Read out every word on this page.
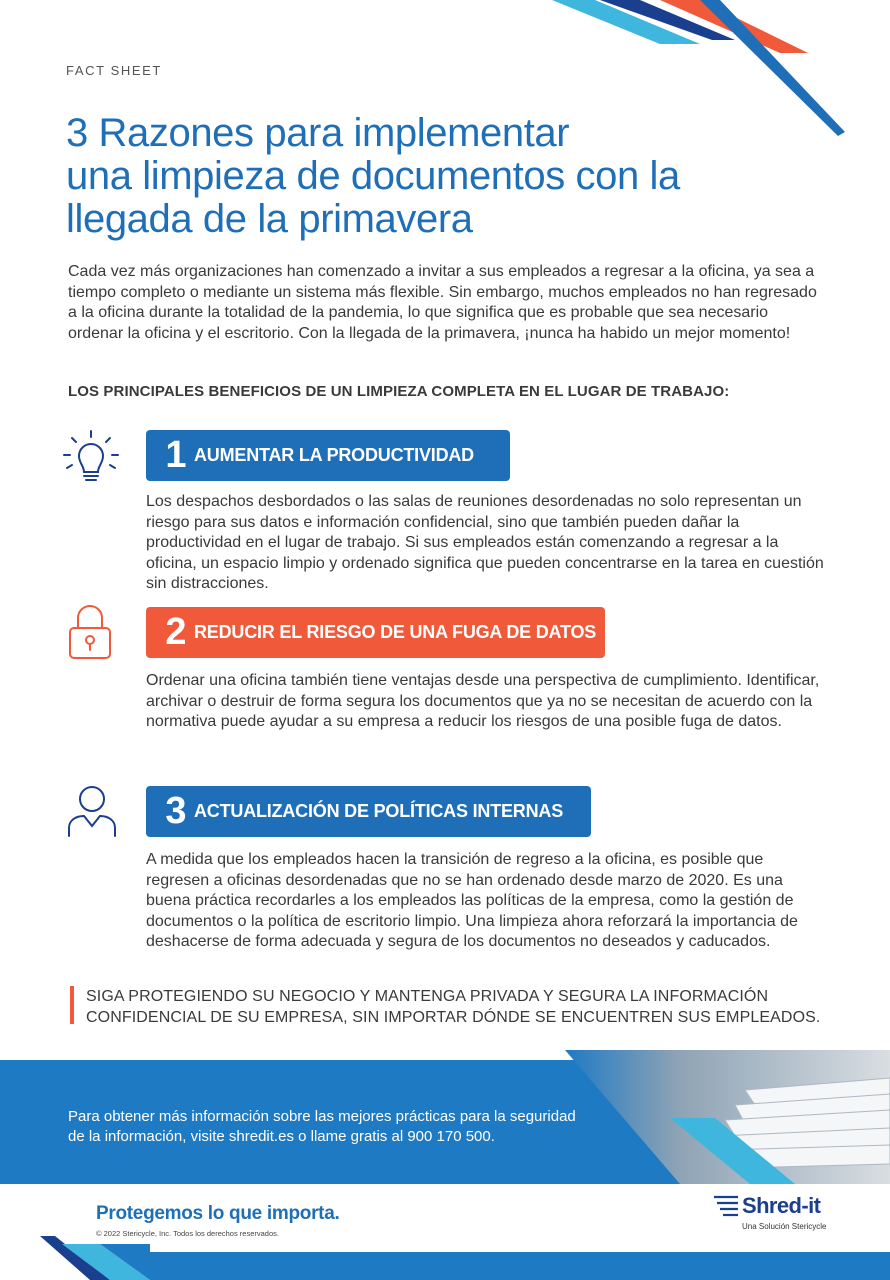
FACT SHEET
3 Razones para implementar
una limpieza de documentos con la
llegada de la primavera

Cada vez más organizaciones han comenzado a invitar a sus empleados a regresar a la oficina, ya sea a tiempo completo o mediante un sistema más flexible. Sin embargo, muchos empleados no han regresado a la oficina durante la totalidad de la pandemia, lo que significa que es probable que sea necesario ordenar la oficina y el escritorio. Con la llegada de la primavera, ¡nunca ha habido un mejor momento!

LOS PRINCIPALES BENEFICIOS DE UN LIMPIEZA COMPLETA EN EL LUGAR DE TRABAJO:
1 AUMENTAR LA PRODUCTIVIDAD

Los despachos desbordados o las salas de reuniones desordenadas no solo representan un riesgo para sus datos e información confidencial, sino que también pueden dañar la productividad en el lugar de trabajo. Si sus empleados están comenzando a regresar a la oficina, un espacio limpio y ordenado significa que pueden concentrarse en la tarea en cuestión sin distracciones.

2 REDUCIR EL RIESGO DE UNA FUGA DE DATOS

Ordenar una oficina también tiene ventajas desde una perspectiva de cumplimiento. Identificar, archivar o destruir de forma segura los documentos que ya no se necesitan de acuerdo con la normativa puede ayudar a su empresa a reducir los riesgos de una posible fuga de datos.

3 ACTUALIZACIÓN DE POLÍTICAS INTERNAS

A medida que los empleados hacen la transición de regreso a la oficina, es posible que regresen a oficinas desordenadas que no se han ordenado desde marzo de 2020. Es una buena práctica recordarles a los empleados las políticas de la empresa, como la gestión de documentos o la política de escritorio limpio. Una limpieza ahora reforzará la importancia de deshacerse de forma adecuada y segura de los documentos no deseados y caducados.

SIGA PROTEGIENDO SU NEGOCIO Y MANTENGA PRIVADA Y SEGURA LA INFORMACIÓN CONFIDENCIAL DE SU EMPRESA, SIN IMPORTAR DÓNDE SE ENCUENTREN SUS EMPLEADOS.
Para obtener más información sobre las mejores prácticas para la seguridad
de la información, visite shredit.es o llame gratis al 900 170 500.
Protegemos lo que importa.
© 2022 Stericycle, Inc. Todos los derechos reservados.
Shred-it
Una Solución Stericycle
